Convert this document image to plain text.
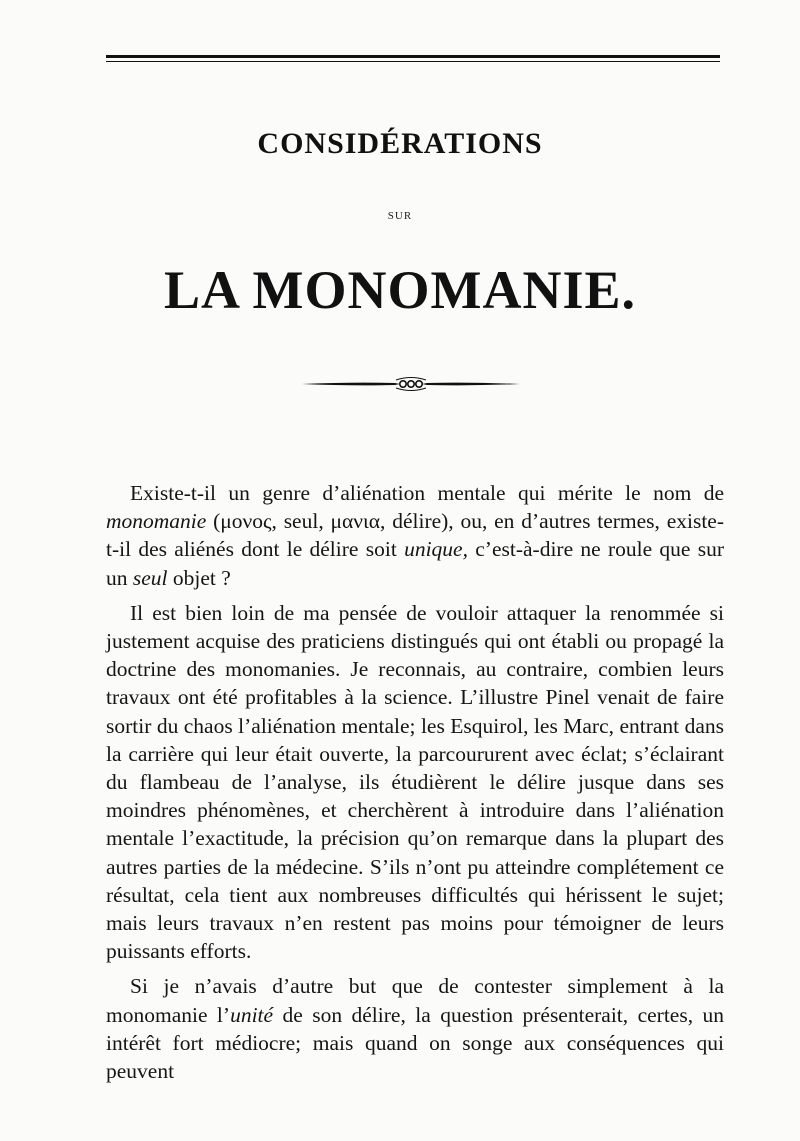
CONSIDÉRATIONS
SUR
LA MONOMANIE.

Existe-t-il un genre d’aliénation mentale qui mérite le nom de monomanie (μονος, seul, μανια, délire), ou, en d’autres termes, existe-t-il des aliénés dont le délire soit unique, c’est-à-dire ne roule que sur un seul objet ?

Il est bien loin de ma pensée de vouloir attaquer la renommée si justement acquise des praticiens distingués qui ont établi ou propagé la doctrine des monomanies. Je reconnais, au contraire, combien leurs travaux ont été profitables à la science. L’illustre Pinel venait de faire sortir du chaos l’aliénation mentale; les Esquirol, les Marc, entrant dans la carrière qui leur était ouverte, la parcoururent avec éclat; s’éclairant du flambeau de l’analyse, ils étudièrent le délire jusque dans ses moindres phénomènes, et cherchèrent à introduire dans l’aliénation mentale l’exactitude, la précision qu’on remarque dans la plupart des autres parties de la médecine. S’ils n’ont pu atteindre complétement ce résultat, cela tient aux nombreuses difficultés qui hérissent le sujet; mais leurs travaux n’en restent pas moins pour témoigner de leurs puissants efforts.

Si je n’avais d’autre but que de contester simplement à la monomanie l’unité de son délire, la question présenterait, certes, un intérêt fort médiocre; mais quand on songe aux conséquences qui peuvent
